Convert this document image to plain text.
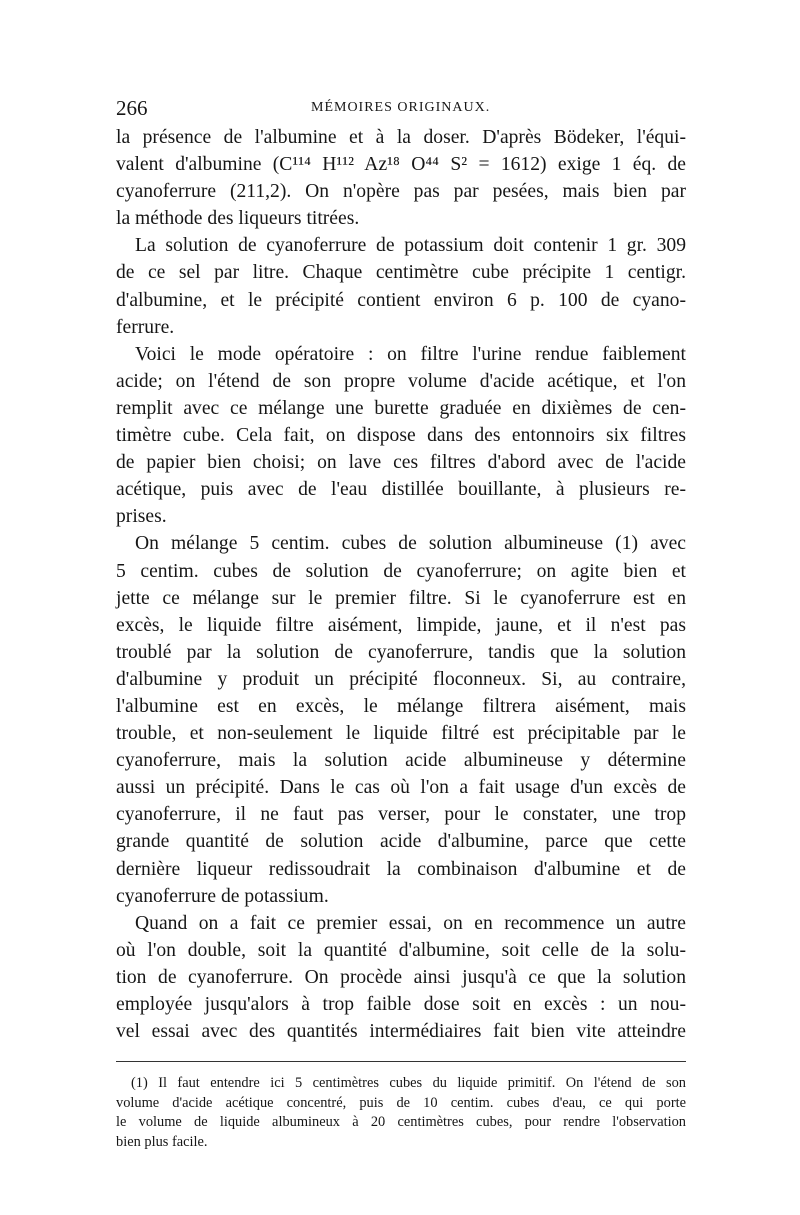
266	MÉMOIRES ORIGINAUX.
la présence de l'albumine et à la doser. D'après Bödeker, l'équi-
valent d'albumine (C¹¹⁴ H¹¹² Az¹⁸ O⁴⁴ S² = 1612) exige 1 éq. de
cyanoferrure (211,2). On n'opère pas par pesées, mais bien par
la méthode des liqueurs titrées.
La solution de cyanoferrure de potassium doit contenir 1 gr. 309
de ce sel par litre. Chaque centimètre cube précipite 1 centigr.
d'albumine, et le précipité contient environ 6 p. 100 de cyano-
ferrure.
Voici le mode opératoire : on filtre l'urine rendue faiblement
acide; on l'étend de son propre volume d'acide acétique, et l'on
remplit avec ce mélange une burette graduée en dixièmes de cen-
timètre cube. Cela fait, on dispose dans des entonnoirs six filtres
de papier bien choisi; on lave ces filtres d'abord avec de l'acide
acétique, puis avec de l'eau distillée bouillante, à plusieurs re-
prises.
On mélange 5 centim. cubes de solution albumineuse (1) avec
5 centim. cubes de solution de cyanoferrure; on agite bien et
jette ce mélange sur le premier filtre. Si le cyanoferrure est en
excès, le liquide filtre aisément, limpide, jaune, et il n'est pas
troublé par la solution de cyanoferrure, tandis que la solution
d'albumine y produit un précipité floconneux. Si, au contraire,
l'albumine est en excès, le mélange filtrera aisément, mais
trouble, et non-seulement le liquide filtré est précipitable par le
cyanoferrure, mais la solution acide albumineuse y détermine
aussi un précipité. Dans le cas où l'on a fait usage d'un excès de
cyanoferrure, il ne faut pas verser, pour le constater, une trop
grande quantité de solution acide d'albumine, parce que cette
dernière liqueur redissoudrait la combinaison d'albumine et de
cyanoferrure de potassium.
Quand on a fait ce premier essai, on en recommence un autre
où l'on double, soit la quantité d'albumine, soit celle de la solu-
tion de cyanoferrure. On procède ainsi jusqu'à ce que la solution
employée jusqu'alors à trop faible dose soit en excès : un nou-
vel essai avec des quantités intermédiaires fait bien vite atteindre
(1) Il faut entendre ici 5 centimètres cubes du liquide primitif. On l'étend de son
volume d'acide acétique concentré, puis de 10 centim. cubes d'eau, ce qui porte
le volume de liquide albumineux à 20 centimètres cubes, pour rendre l'observation
bien plus facile.
